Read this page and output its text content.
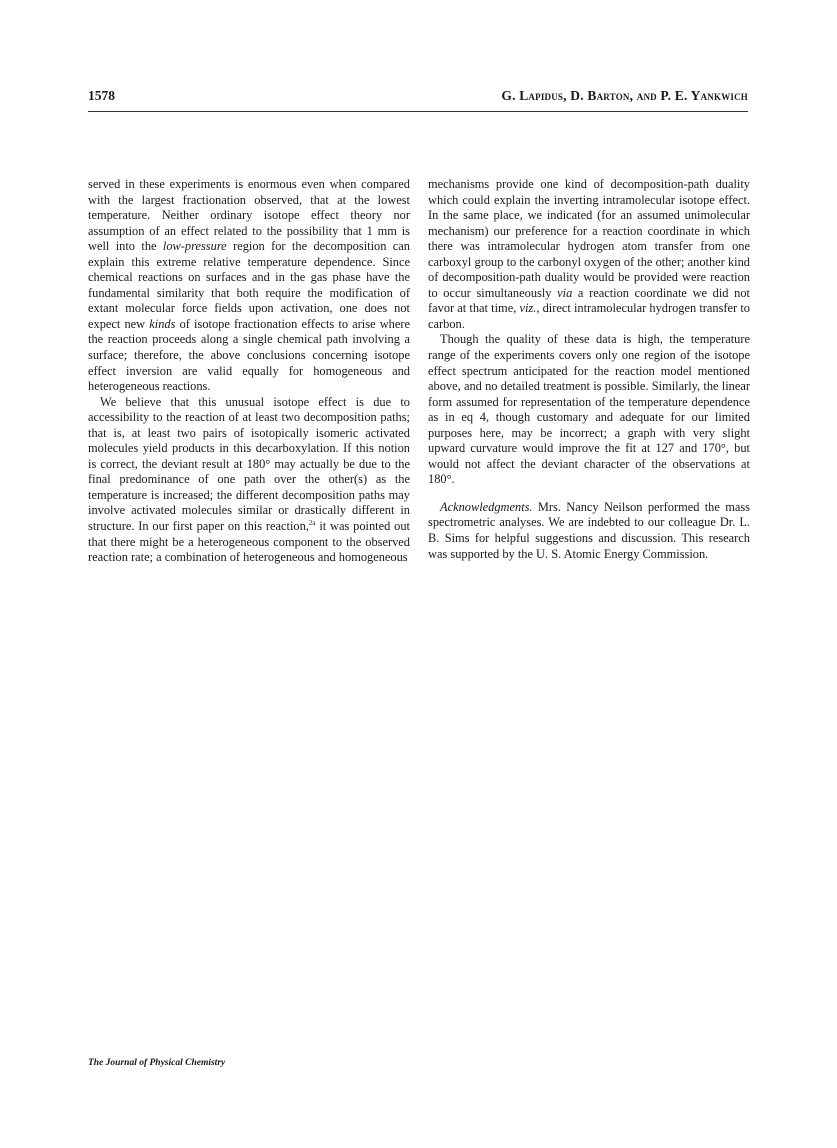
1578	G. Lapidus, D. Barton, and P. E. Yankwich

served in these experiments is enormous even when compared with the largest fractionation observed, that at the lowest temperature. Neither ordinary isotope effect theory nor assumption of an effect related to the possibility that 1 mm is well into the low-pressure region for the decomposition can explain this extreme relative temperature dependence. Since chemical reactions on surfaces and in the gas phase have the fundamental similarity that both require the modification of extant molecular force fields upon activation, one does not expect new kinds of isotope fractionation effects to arise where the reaction proceeds along a single chemical path involving a surface; therefore, the above conclusions concerning isotope effect inversion are valid equally for homogeneous and heterogeneous reactions.

We believe that this unusual isotope effect is due to accessibility to the reaction of at least two decomposition paths; that is, at least two pairs of isotopically isomeric activated molecules yield products in this decarboxylation. If this notion is correct, the deviant result at 180° may actually be due to the final predominance of one path over the other(s) as the temperature is increased; the different decomposition paths may involve activated molecules similar or drastically different in structure. In our first paper on this reaction,$^{2a}$ it was pointed out that there might be a heterogeneous component to the observed reaction rate; a combination of heterogeneous and homogeneous

mechanisms provide one kind of decomposition-path duality which could explain the inverting intramolecular isotope effect. In the same place, we indicated (for an assumed unimolecular mechanism) our preference for a reaction coordinate in which there was intramolecular hydrogen atom transfer from one carboxyl group to the carbonyl oxygen of the other; another kind of decomposition-path duality would be provided were reaction to occur simultaneously via a reaction coordinate we did not favor at that time, viz., direct intramolecular hydrogen transfer to carbon.

Though the quality of these data is high, the temperature range of the experiments covers only one region of the isotope effect spectrum anticipated for the reaction model mentioned above, and no detailed treatment is possible. Similarly, the linear form assumed for representation of the temperature dependence as in eq 4, though customary and adequate for our limited purposes here, may be incorrect; a graph with very slight upward curvature would improve the fit at 127 and 170°, but would not affect the deviant character of the observations at 180°.

Acknowledgments. Mrs. Nancy Neilson performed the mass spectrometric analyses. We are indebted to our colleague Dr. L. B. Sims for helpful suggestions and discussion. This research was supported by the U. S. Atomic Energy Commission.

The Journal of Physical Chemistry
